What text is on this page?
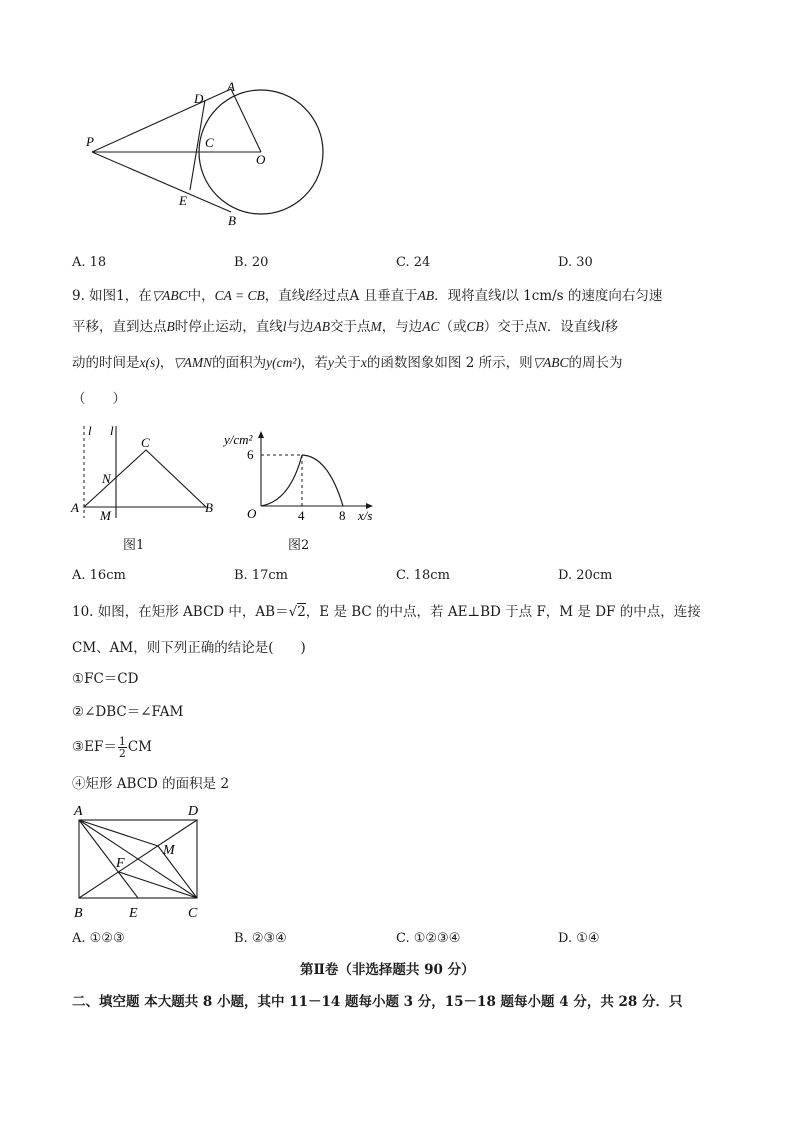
P
D
A
C
O
E
B
A. 18	B. 20	C. 24	D. 30
9. 如图1，在▽ABC中，CA = CB，直线l经过点A 且垂直于AB．现将直线l以 1cm/s 的速度向右匀速
平移，直到达点B时停止运动，直线l与边AB交于点M，与边AC（或CB）交于点N．设直线l移
动的时间是x(s)，▽AMN的面积为y(cm²)，若y关于x的函数图象如图 2 所示，则▽ABC的周长为
（　　）
l l
C
N
A
M
B
图1
y/cm²
6
O	4	8 x/s
图2
A. 16cm	B. 17cm	C. 18cm	D. 20cm
10. 如图，在矩形 ABCD 中，AB＝√2，E 是 BC 的中点，若 AE⊥BD 于点 F，M 是 DF 的中点，连接
CM、AM，则下列正确的结论是(　　)
①FC＝CD
②∠DBC＝∠FAM
③EF＝ $\frac{1}{2}$ CM
④矩形 ABCD 的面积是 2
A	D
M
F
B	E	C
A. ①②③	B. ②③④	C. ①②③④	D. ①④
第Ⅱ卷（非选择题共 90 分）
二、填空题 本大题共 8 小题，其中 11－14 题每小题 3 分，15－18 题每小题 4 分，共 28 分．只
